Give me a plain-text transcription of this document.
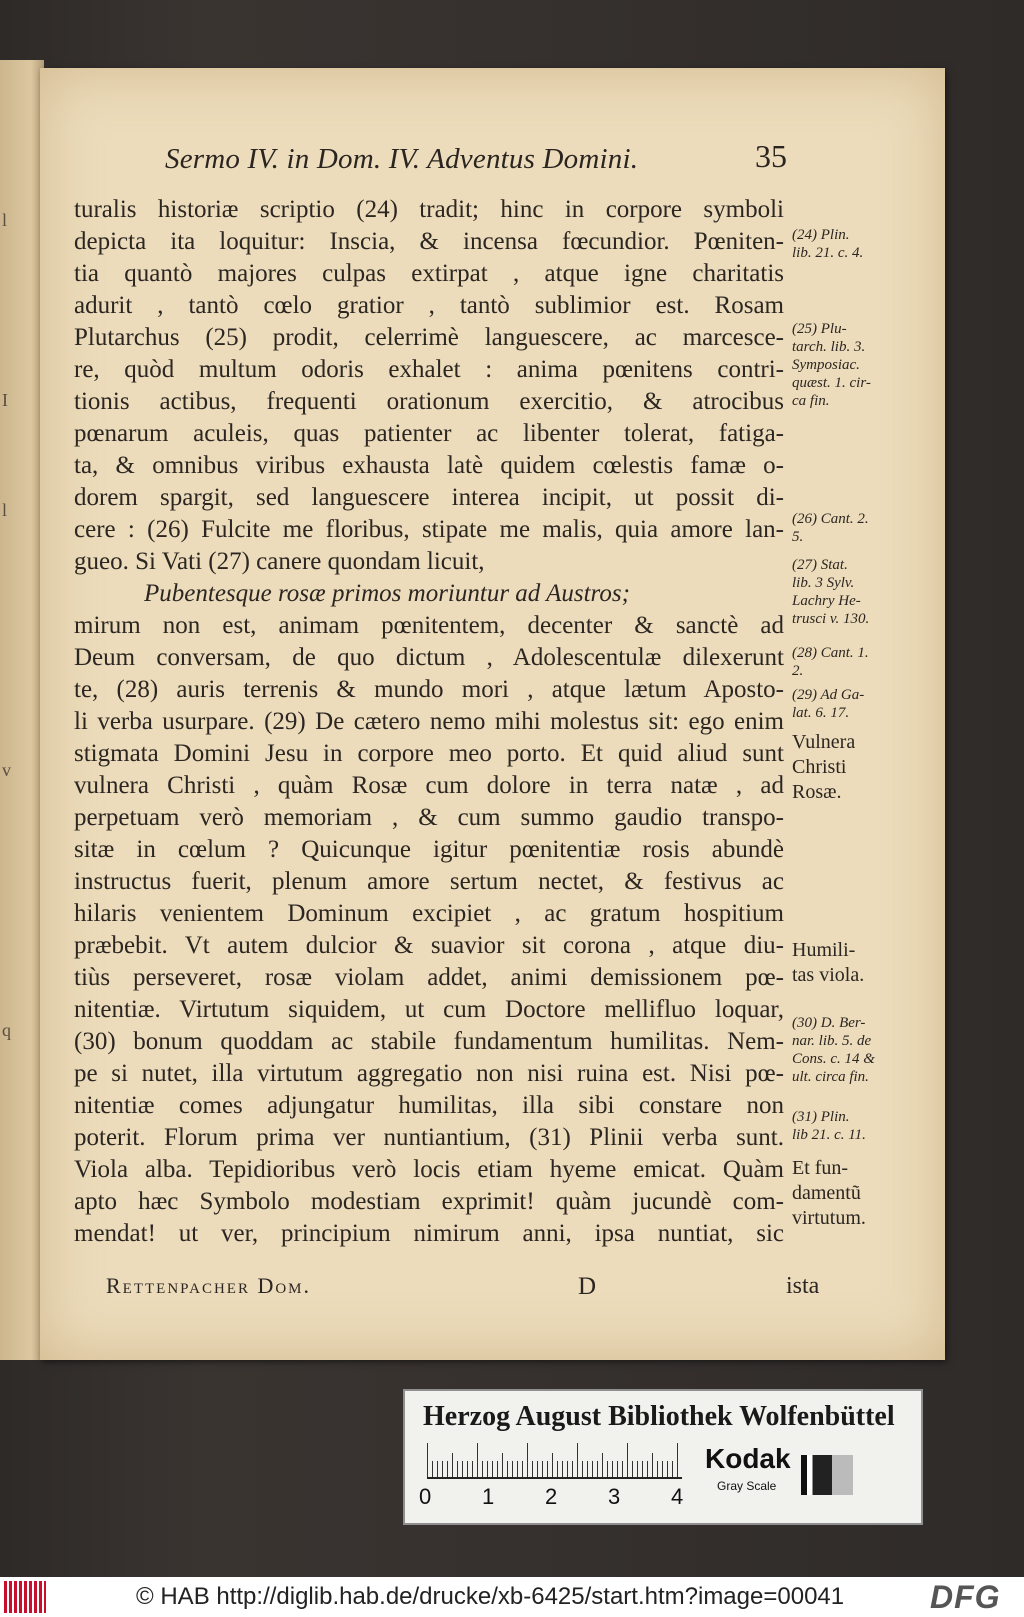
l
I
l
v
q
Sermo IV. in Dom. IV. Adventus Domini.	35
turalis historiæ scriptio (24) tradit; hinc in corpore symboli
depicta ita loquitur: Inscia, & incensa fœcundior. Pœniten-
tia quantò majores culpas extirpat , atque igne charitatis
adurit , tantò cœlo gratior , tantò sublimior est. Rosam
Plutarchus (25) prodit, celerrimè languescere, ac marcesce-
re, quòd multum odoris exhalet : anima pœnitens contri-
tionis actibus, frequenti orationum exercitio, & atrocibus
pœnarum aculeis, quas patienter ac libenter tolerat, fatiga-
ta, & omnibus viribus exhausta latè quidem cœlestis famæ o-
dorem spargit, sed languescere interea incipit, ut possit di-
cere : (26) Fulcite me floribus, stipate me malis, quia amore lan-
gueo. Si Vati (27) canere quondam licuit,
Pubentesque rosæ primos moriuntur ad Austros;
mirum non est, animam pœnitentem, decenter & sanctè ad
Deum conversam, de quo dictum , Adolescentulæ dilexerunt
te, (28) auris terrenis & mundo mori , atque lætum Aposto-
li verba usurpare. (29) De cætero nemo mihi molestus sit: ego enim
stigmata Domini Jesu in corpore meo porto. Et quid aliud sunt
vulnera Christi , quàm Rosæ cum dolore in terra natæ , ad
perpetuam verò memoriam , & cum summo gaudio transpo-
sitæ in cœlum ? Quicunque igitur pœnitentiæ rosis abundè
instructus fuerit, plenum amore sertum nectet, & festivus ac
hilaris venientem Dominum excipiet , ac gratum hospitium
præbebit. Vt autem dulcior & suavior sit corona , atque diu-
tiùs perseveret, rosæ violam addet, animi demissionem pœ-
nitentiæ. Virtutum siquidem, ut cum Doctore mellifluo loquar,
(30) bonum quoddam ac stabile fundamentum humilitas. Nem-
pe si nutet, illa virtutum aggregatio non nisi ruina est. Nisi pœ-
nitentiæ comes adjungatur humilitas, illa sibi constare non
poterit. Florum prima ver nuntiantium, (31) Plinii verba sunt.
Viola alba. Tepidioribus verò locis etiam hyeme emicat. Quàm
apto hæc Symbolo modestiam exprimit! quàm jucundè com-
mendat! ut ver, principium nimirum anni, ipsa nuntiat, sic
(24) Plin.
lib. 21. c. 4.
(25) Plu-
tarch. lib. 3.
Symposiac.
quæst. 1. cir-
ca fin.
(26) Cant. 2.
5.
(27) Stat.
lib. 3 Sylv.
Lachry He-
trusci v. 130.
(28) Cant. 1.
2.
(29) Ad Ga-
lat. 6. 17.
Vulnera
Christi
Rosæ.
Humili-
tas viola.
(30) D. Ber-
nar. lib. 5. de
Cons. c. 14 &
ult. circa fin.
(31) Plin.
lib 21. c. 11.
Et fun-
damentũ
virtutum.
Rettenpacher Dom.	D	ista
Herzog August Bibliothek Wolfenbüttel
0 1 2 3 4
Kodak
Gray Scale
© HAB http://diglib.hab.de/drucke/xb-6425/start.htm?image=00041	DFG
